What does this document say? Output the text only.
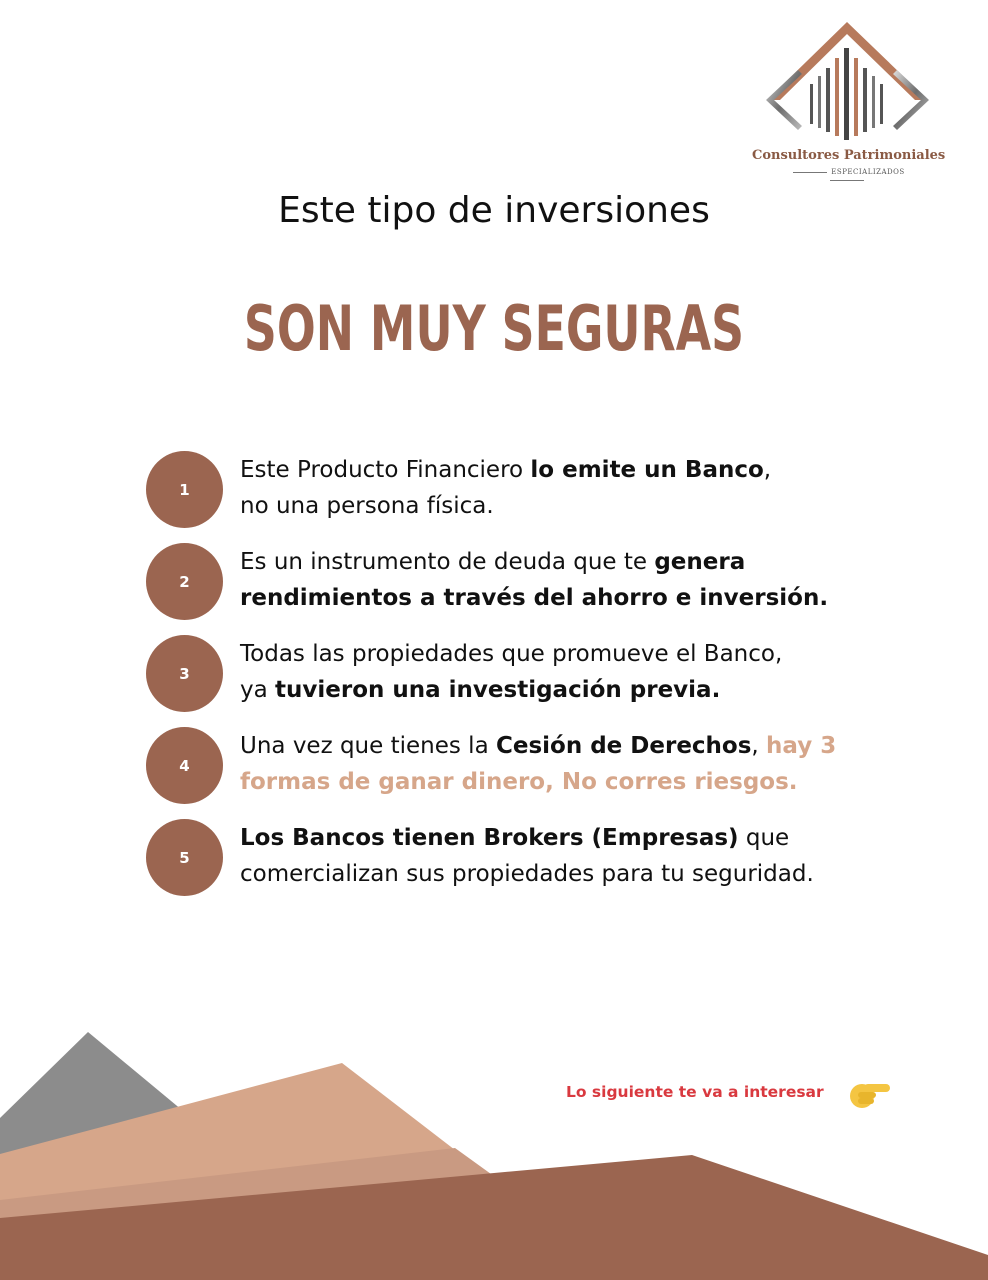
Consultores Patrimoniales
ESPECIALIZADOS
Este tipo de inversiones
SON MUY SEGURAS
1
Este Producto Financiero lo emite un Banco,
no una persona física.
2
Es un instrumento de deuda que te genera
rendimientos a través del ahorro e inversión.
3
Todas las propiedades que promueve el Banco,
ya tuvieron una investigación previa.
4
Una vez que tienes la Cesión de Derechos, hay 3
formas de ganar dinero, No corres riesgos.
5
Los Bancos tienen Brokers (Empresas) que
comercializan sus propiedades para tu seguridad.
Lo siguiente te va a interesar
